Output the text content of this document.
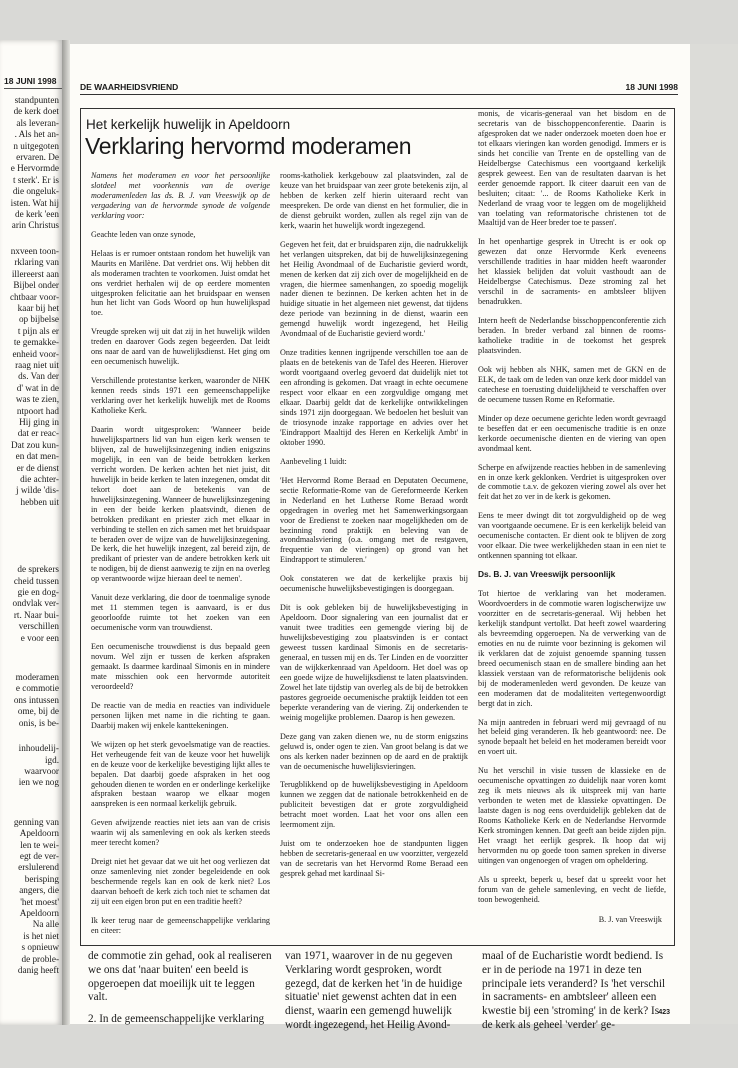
18 JUNI 1998
standpunten
de kerk doet
als leveran-
. Als het an-
n uitgegoten
ervaren. De
e Hervormde
t sterk'. Er is
die ongeluk-
isten. Wat hij
de kerk 'een
arin Christus
nxveen toon-
rklaring van
illereerst aan
Bijbel onder
chtbaar voor-
kaar bij het
op bijbelse
t pijn als er
te gemakke-
enheid voor-
raag niet uit
ds. Van der
d' wat in de
was te zien,
ntpoort had
Hij ging in
dat er reac-
Dat zou kun-
en dat men-
er de dienst
die achter-
j wilde 'dis-
hebben uit
de sprekers
cheid tussen
gie en dog-
ondvlak ver-
rt. Naar bui-
verschillen
e voor een
moderamen
e commotie
ons intussen
ome, bij de
onis, is be-
inhoudelij-
igd.
waarvoor
ien we nog
genning van
Apeldoorn
len te wei-
egt de ver-
erslulerend
berisping
angers, die
'het moest'
Apeldoorn
Na alle
is het niet
s opnieuw
de proble-
danig heeft
DE WAARHEIDSVRIEND	18 JUNI 1998
Het kerkelijk huwelijk in Apeldoorn
Verklaring hervormd moderamen

Namens het moderamen en voor het persoonlijke slotdeel met voorkennis van de overige moderamenleden las ds. B. J. van Vreeswijk op de vergadering van de hervormde synode de volgende verklaring voor:

Geachte leden van onze synode,

Helaas is er rumoer ontstaan rondom het huwelijk van Maurits en Marilène. Dat verdriet ons. Wij hebben dit als moderamen trachten te voorkomen. Juist omdat het ons verdriet herhalen wij de op eerdere momenten uitgesproken felicitatie aan het bruidspaar en wensen hun het licht van Gods Woord op hun huwelijkspad toe.

Vreugde spreken wij uit dat zij in het huwelijk wilden treden en daarover Gods zegen begeerden. Dat leidt ons naar de aard van de huwelijksdienst. Het ging om een oecumenisch huwelijk.

Verschillende protestantse kerken, waaronder de NHK kennen reeds sinds 1971 een gemeenschappelijke verklaring over het kerkelijk huwelijk met de Rooms Katholieke Kerk.

Daarin wordt uitgesproken: 'Wanneer beide huwelijkspartners lid van hun eigen kerk wensen te blijven, zal de huwelijksinzegening indien enigszins mogelijk, in een van de beide betrokken kerken verricht worden. De kerken achten het niet juist, dit huwelijk in beide kerken te laten inzegenen, omdat dit tekort doet aan de betekenis van de huwelijksinzegening. Wanneer de huwelijksinzegening in een der beide kerken plaatsvindt, dienen de betrokken predikant en priester zich met elkaar in verbinding te stellen en zich samen met het bruidspaar te beraden over de wijze van de huwelijksinzegening. De kerk, die het huwelijk inzegent, zal bereid zijn, de predikant of priester van de andere betrokken kerk uit te nodigen, bij de dienst aanwezig te zijn en na overleg op verantwoorde wijze hieraan deel te nemen'.

Vanuit deze verklaring, die door de toenmalige synode met 11 stemmen tegen is aanvaard, is er dus geoorloofde ruimte tot het zoeken van een oecumenische vorm van trouwdienst.

Een oecumenische trouwdienst is dus bepaald geen novum. Wel zijn er tussen de kerken afspraken gemaakt. Is daarmee kardinaal Simonis en in mindere mate misschien ook een hervormde autoriteit veroordeeld?

De reactie van de media en reacties van individuele personen lijken met name in die richting te gaan. Daarbij maken wij enkele kanttekeningen.

We wijzen op het sterk gevoelsmatige van de reacties. Het verheugende feit van de keuze voor het huwelijk en de keuze voor de kerkelijke bevestiging lijkt alles te bepalen. Dat daarbij goede afspraken in het oog gehouden dienen te worden en er onderlinge kerkelijke afspraken bestaan waarop we elkaar mogen aanspreken is een normaal kerkelijk gebruik.

Geven afwijzende reacties niet iets aan van de crisis waarin wij als samenleving en ook als kerken steeds meer terecht komen?

Dreigt niet het gevaar dat we uit het oog verliezen dat onze samenleving niet zonder begeleidende en ook beschermende regels kan en ook de kerk niet? Los daarvan behoeft de kerk zich toch niet te schamen dat zij uit een eigen bron put en een traditie heeft?

Ik keer terug naar de gemeenschappelijke verklaring en citeer:

rooms-katholiek kerkgebouw zal plaatsvinden, zal de keuze van het bruidspaar van zeer grote betekenis zijn, al hebben de kerken zelf hierin uiteraard recht van meespreken. De orde van dienst en het formulier, die in de dienst gebruikt worden, zullen als regel zijn van de kerk, waarin het huwelijk wordt ingezegend.

Gegeven het feit, dat er bruidsparen zijn, die nadrukkelijk het verlangen uitspreken, dat bij de huwelijksinzegening het Heilig Avondmaal of de Eucharistie gevierd wordt, menen de kerken dat zij zich over de mogelijkheid en de vragen, die hiermee samenhangen, zo spoedig mogelijk nader dienen te bezinnen. De kerken achten het in de huidige situatie in het algemeen niet gewenst, dat tijdens deze periode van bezinning in de dienst, waarin een gemengd huwelijk wordt ingezegend, het Heilig Avondmaal of de Eucharistie gevierd wordt.'

Onze tradities kennen ingrijpende verschillen toe aan de plaats en de betekenis van de Tafel des Heeren. Hierover wordt voortgaand overleg gevoerd dat duidelijk niet tot een afronding is gekomen. Dat vraagt in echte oecumene respect voor elkaar en een zorgvuldige omgang met elkaar. Daarbij geldt dat de kerkelijke ontwikkelingen sinds 1971 zijn doorgegaan. We bedoelen het besluit van de triosynode inzake rapportage en advies over het 'Eindrapport Maaltijd des Heren en Kerkelijk Ambt' in oktober 1990.

Aanbeveling 1 luidt:

'Het Hervormd Rome Beraad en Deputaten Oecumene, sectie Reformatie-Rome van de Gereformeerde Kerken in Nederland en het Lutherse Rome Beraad wordt opgedragen in overleg met het Samenwerkingsorgaan voor de Eredienst te zoeken naar mogelijkheden om de bezinning rond praktijk en beleving van de avondmaalsviering (o.a. omgang met de restgaven, frequentie van de vieringen) op grond van het Eindrapport te stimuleren.'

Ook constateren we dat de kerkelijke praxis bij oecumenische huwelijksbevestigingen is doorgegaan.

Dit is ook gebleken bij de huwelijksbevestiging in Apeldoorn. Door signalering van een journalist dat er vanuit twee tradities een gemengde viering bij de huwelijksbevestiging zou plaatsvinden is er contact geweest tussen kardinaal Simonis en de secretaris-generaal, en tussen mij en ds. Ter Linden en de voorzitter van de wijkkerkenraad van Apeldoorn. Het doel was op een goede wijze de huwelijksdienst te laten plaatsvinden. Zowel het late tijdstip van overleg als de bij de betrokken pastores gegroeide oecumenische praktijk leidden tot een beperkte verandering van de viering. Zij onderkenden te weinig mogelijke problemen. Daarop is hen gewezen.

Deze gang van zaken dienen we, nu de storm enigszins geluwd is, onder ogen te zien. Van groot belang is dat we ons als kerken nader bezinnen op de aard en de praktijk van de oecumenische huwelijksvieringen.

Terugblikkend op de huwelijksbevestiging in Apeldoorn kunnen we zeggen dat de nationale betrokkenheid en de publiciteit bevestigen dat er grote zorgvuldigheid betracht moet worden. Laat het voor ons allen een leermoment zijn.

Juist om te onderzoeken hoe de standpunten liggen hebben de secretaris-generaal en uw voorzitter, vergezeld van de secretaris van het Hervormd Rome Beraad een gesprek gehad met kardinaal Si-

monis, de vicaris-generaal van het bisdom en de secretaris van de bisschoppenconferentie. Daarin is afgesproken dat we nader onderzoek moeten doen hoe er tot elkaars vieringen kan worden genodigd. Immers er is sinds het concilie van Trente en de opstelling van de Heidelbergse Catechismus een voortgaand kerkelijk gesprek geweest. Een van de resultaten daarvan is het eerder genoemde rapport. Ik citeer daaruit een van de besluiten; citaat: '... de Rooms Katholieke Kerk in Nederland de vraag voor te leggen om de mogelijkheid van toelating van reformatorische christenen tot de Maaltijd van de Heer breder toe te passen'.

In het openhartige gesprek in Utrecht is er ook op gewezen dat onze Hervormde Kerk eveneens verschillende tradities in haar midden heeft waaronder het klassiek belijden dat voluit vasthoudt aan de Heidelbergse Catechismus. Deze stroming zal het verschil in de sacraments- en ambtsleer blijven benadrukken.

Intern heeft de Nederlandse bisschoppenconferentie zich beraden. In breder verband zal binnen de rooms-katholieke traditie in de toekomst het gesprek plaatsvinden.

Ook wij hebben als NHK, samen met de GKN en de ELK, de taak om de leden van onze kerk door middel van catechese en toerusting duidelijkheid te verschaffen over de oecumene tussen Rome en Reformatie.

Minder op deze oecumene gerichte leden wordt gevraagd te beseffen dat er een oecumenische traditie is en onze kerkorde oecumenische dienten en de viering van open avondmaal kent.

Scherpe en afwijzende reacties hebben in de samenleving en in onze kerk geklonken. Verdriet is uitgesproken over de commotie t.a.v. de gekozen viering zowel als over het feit dat het zo ver in de kerk is gekomen.

Eens te meer dwingt dit tot zorgvuldigheid op de weg van voortgaande oecumene. Er is een kerkelijk beleid van oecumenische contacten. Er dient ook te blijven de zorg voor elkaar. Die twee werkelijkheden staan in een niet te ontkennen spanning tot elkaar.

Ds. B. J. van Vreeswijk persoonlijk

Tot hiertoe de verklaring van het moderamen. Woordvoerders in de commotie waren logischerwijze uw voorzitter en de secretaris-generaal. Wij hebben het kerkelijk standpunt vertolkt. Dat heeft zowel waardering als bevreemding opgeroepen. Na de verwerking van de emoties en nu de ruimte voor bezinning is gekomen wil ik verklaren dat de zojuist genoemde spanning tussen breed oecumenisch staan en de smallere binding aan het klassiek verstaan van de reformatorische belijdenis ook bij de moderamenleden werd gevonden. De keuze van een moderamen dat de modaliteiten vertegenwoordigt bergt dat in zich.

Na mijn aantreden in februari werd mij gevraagd of nu het beleid ging veranderen. Ik heb geantwoord: nee. De synode bepaalt het beleid en het moderamen bereidt voor en voert uit.

Nu het verschil in visie tussen de klassieke en de oecumenische opvattingen zo duidelijk naar voren komt zeg ik mets nieuws als ik uitspreek mij van harte verbonden te weten met de klassieke opvattingen. De laatste dagen is nog eens overduidelijk gebleken dat de Rooms Katholieke Kerk en de Nederlandse Hervormde Kerk stromingen kennen. Dat geeft aan beide zijden pijn. Het vraagt het eerlijk gesprek. Ik hoop dat wij hervormden nu op goede toon samen spreken in diverse uitingen van ongenoegen of vragen om opheldering.

Als u spreekt, beperk u, besef dat u spreekt voor het forum van de gehele samenleving, en vecht de liefde, toon bewogenheid.

B. J. van Vreeswijk

de commotie zin gehad, ook al realiseren we ons dat 'naar buiten' een beeld is opgeroepen dat moeilijk uit te leggen valt.

2. In de gemeenschappelijke verklaring

van 1971, waarover in de nu gegeven Verklaring wordt gesproken, wordt gezegd, dat de kerken het 'in de huidige situatie' niet gewenst achten dat in een dienst, waarin een gemengd huwelijk wordt ingezegend, het Heilig Avond-

maal of de Eucharistie wordt bediend. Is er in de periode na 1971 in deze ten principale iets veranderd? Is 'het verschil in sacraments- en ambtsleer' alleen een kwestie bij een 'stroming' in de kerk? Is de kerk als geheel 'verder' ge-

423
